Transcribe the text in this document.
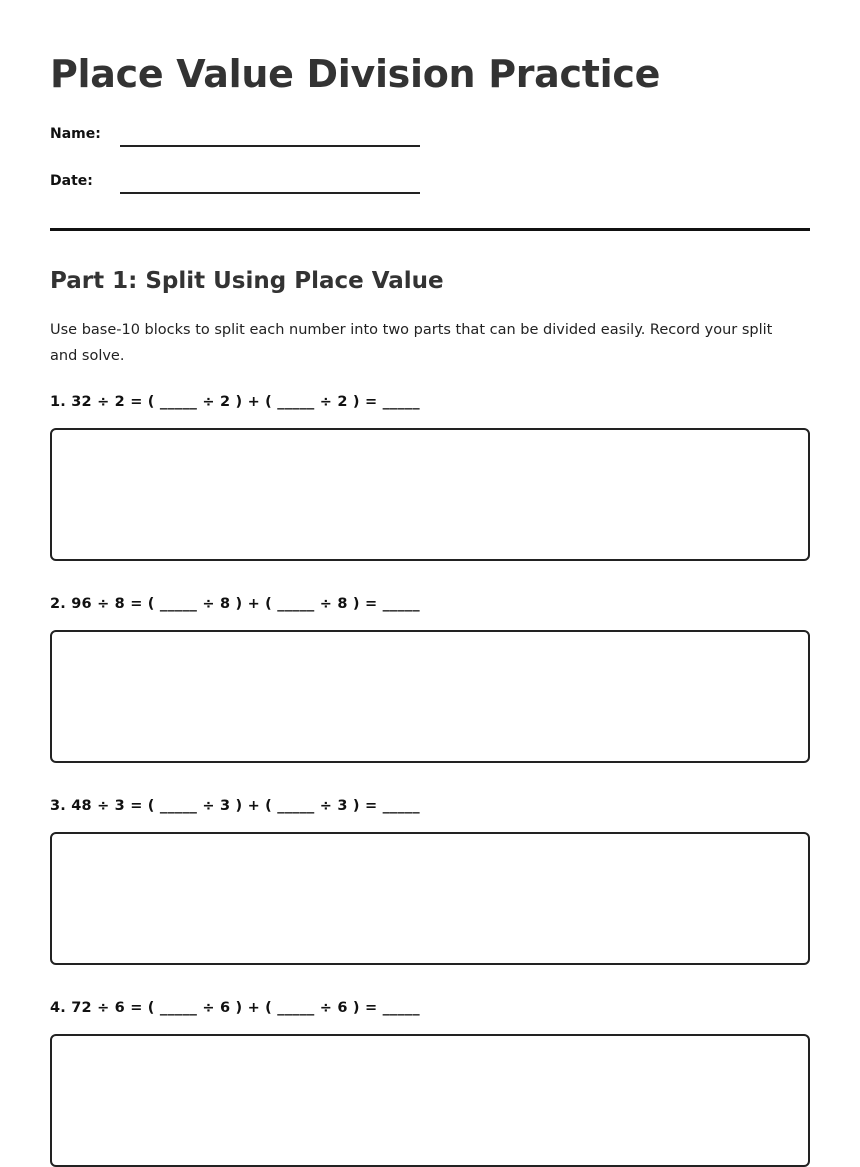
Place Value Division Practice
Name:
Date:
Part 1: Split Using Place Value

Use base-10 blocks to split each number into two parts that can be divided easily. Record your split and solve.

1. 32 ÷ 2 = ( _____ ÷ 2 ) + ( _____ ÷ 2 ) = _____
2. 96 ÷ 8 = ( _____ ÷ 8 ) + ( _____ ÷ 8 ) = _____
3. 48 ÷ 3 = ( _____ ÷ 3 ) + ( _____ ÷ 3 ) = _____
4. 72 ÷ 6 = ( _____ ÷ 6 ) + ( _____ ÷ 6 ) = _____
